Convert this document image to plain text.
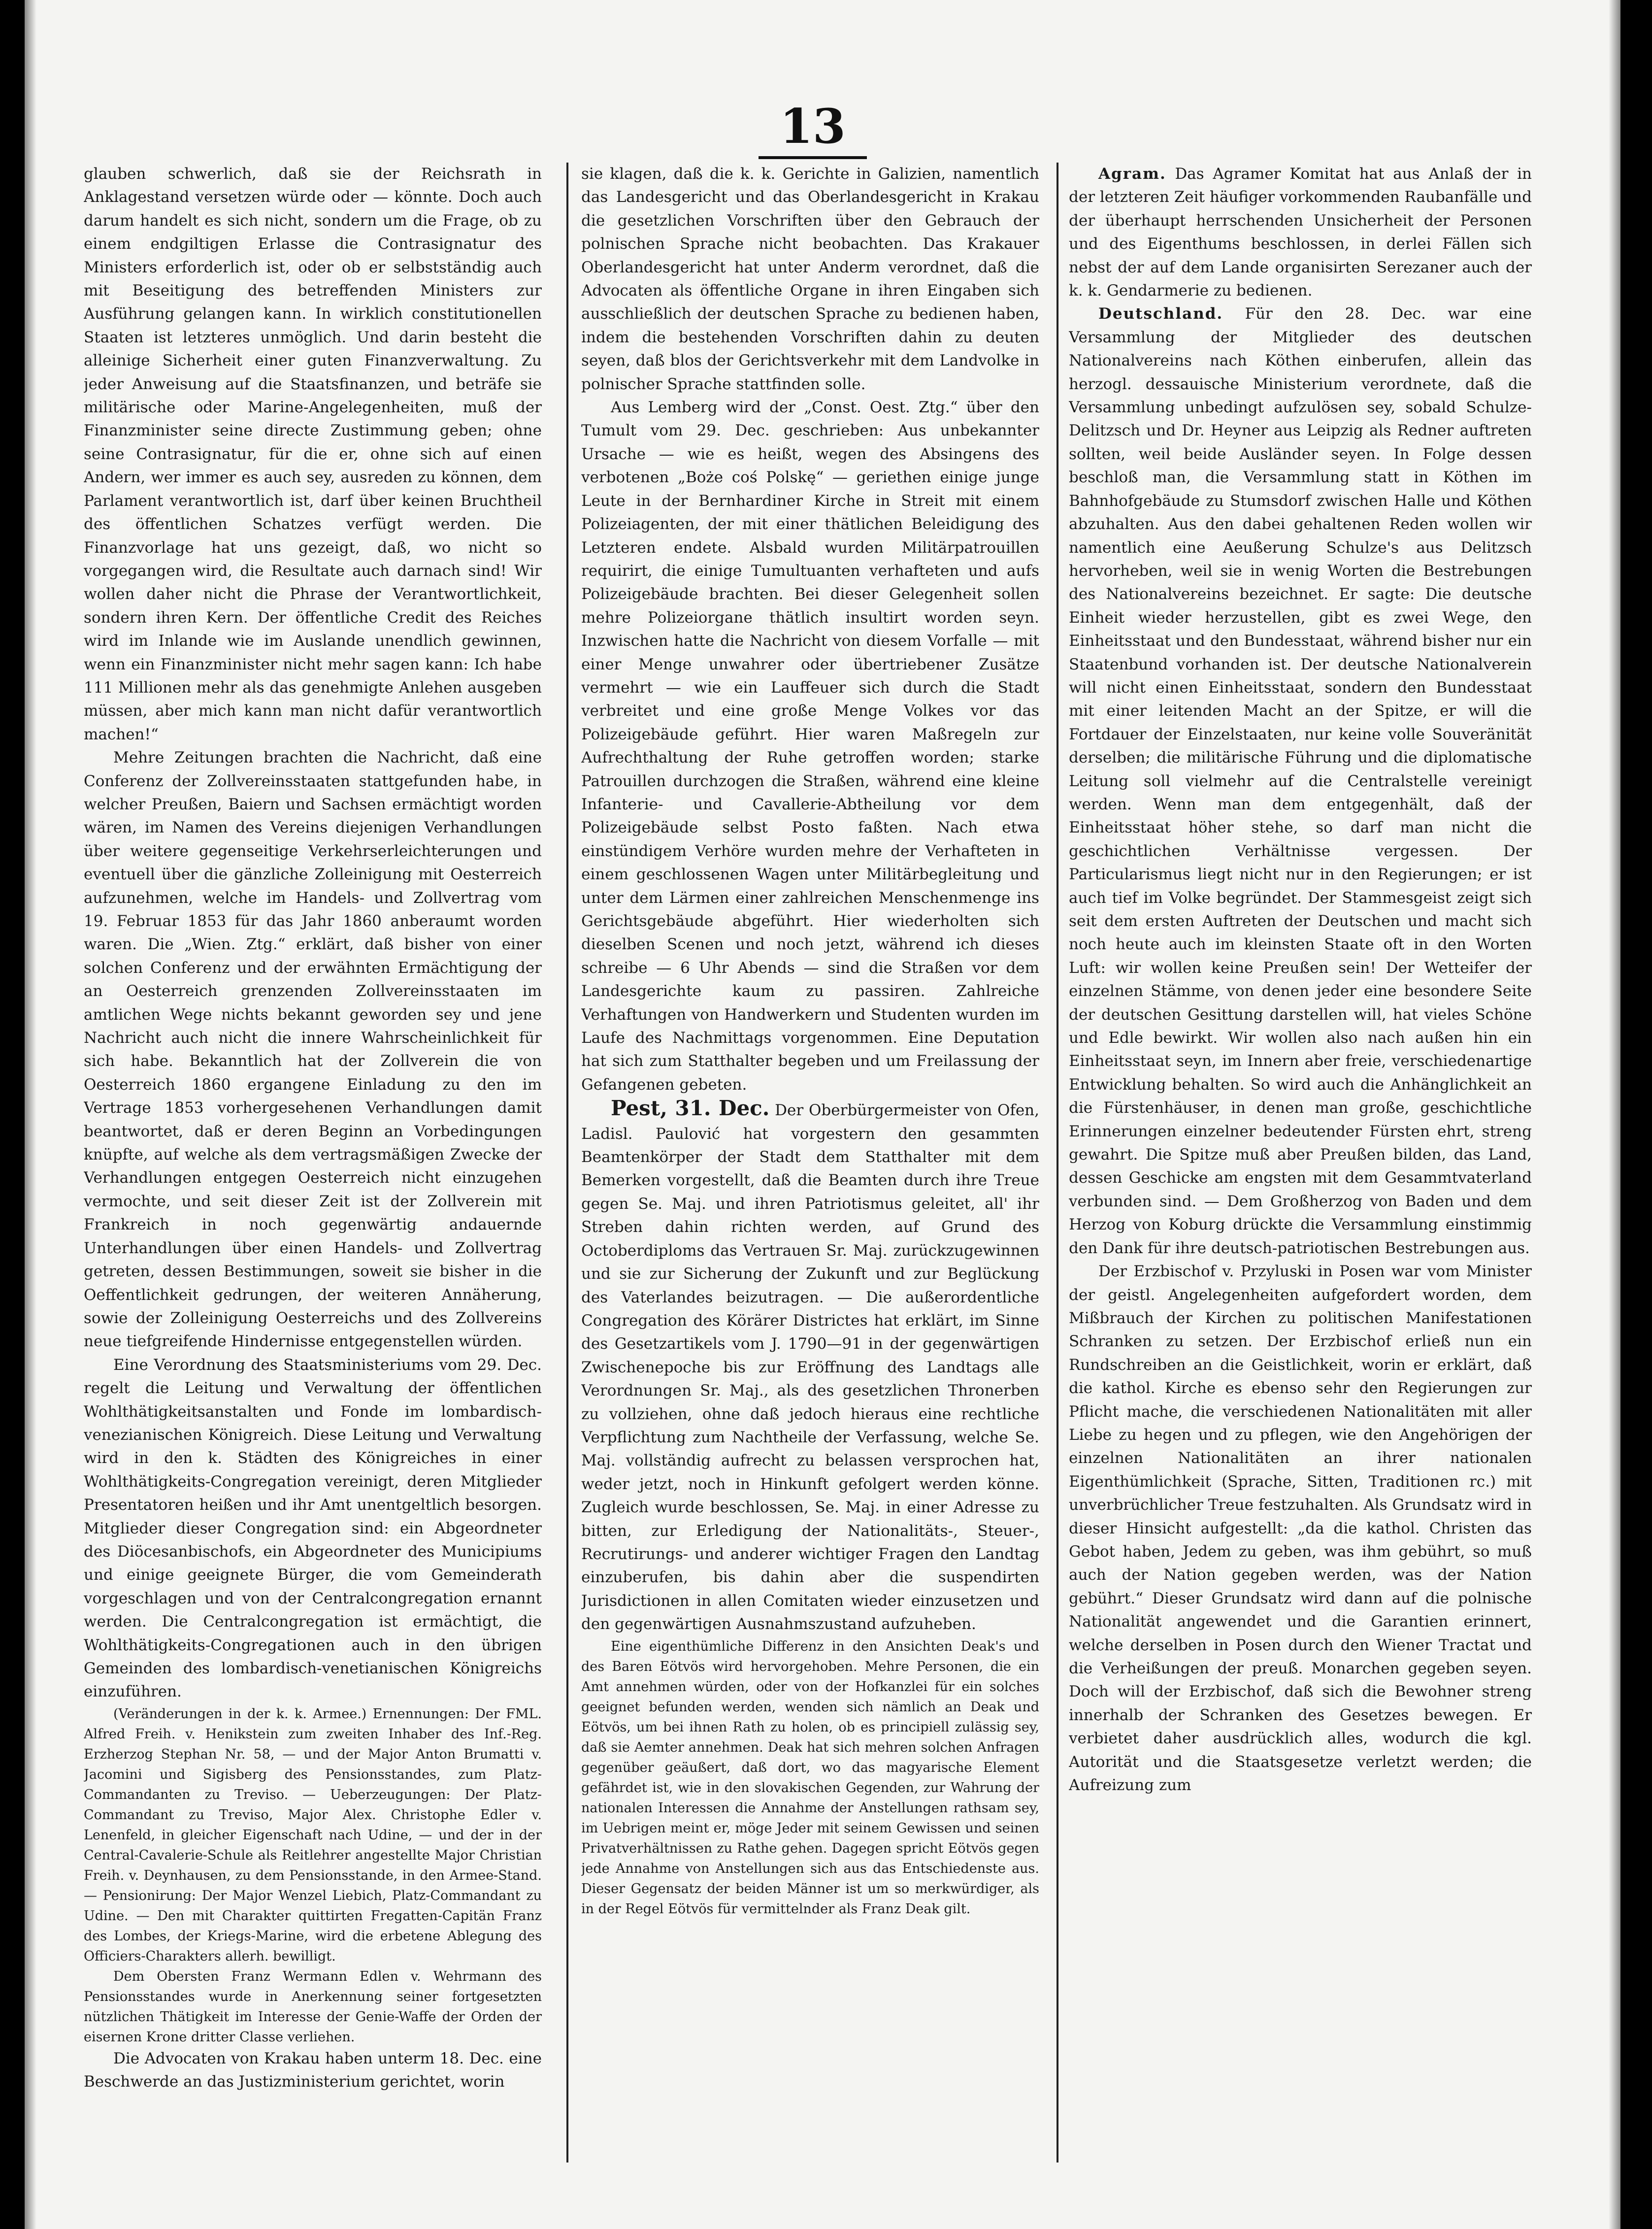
13

glauben schwerlich, daß sie der Reichsrath in Anklagestand versetzen würde oder — könnte. Doch auch darum handelt es sich nicht, sondern um die Frage, ob zu einem endgiltigen Erlasse die Contrasignatur des Ministers erforderlich ist, oder ob er selbstständig auch mit Beseitigung des betreffenden Ministers zur Ausführung gelangen kann. In wirklich constitutionellen Staaten ist letzteres unmöglich. Und darin besteht die alleinige Sicherheit einer guten Finanzverwaltung. Zu jeder Anweisung auf die Staatsfinanzen, und beträfe sie militärische oder Marine-Angelegenheiten, muß der Finanzminister seine directe Zustimmung geben; ohne seine Contrasignatur, für die er, ohne sich auf einen Andern, wer immer es auch sey, ausreden zu können, dem Parlament verantwortlich ist, darf über keinen Bruchtheil des öffentlichen Schatzes verfügt werden. Die Finanzvorlage hat uns gezeigt, daß, wo nicht so vorgegangen wird, die Resultate auch darnach sind! Wir wollen daher nicht die Phrase der Verantwortlichkeit, sondern ihren Kern. Der öffentliche Credit des Reiches wird im Inlande wie im Auslande unendlich gewinnen, wenn ein Finanzminister nicht mehr sagen kann: Ich habe 111 Millionen mehr als das genehmigte Anlehen ausgeben müssen, aber mich kann man nicht dafür verantwortlich machen!“

Mehre Zeitungen brachten die Nachricht, daß eine Conferenz der Zollvereinsstaaten stattgefunden habe, in welcher Preußen, Baiern und Sachsen ermächtigt worden wären, im Namen des Vereins diejenigen Verhandlungen über weitere gegenseitige Verkehrserleichterungen und eventuell über die gänzliche Zolleinigung mit Oesterreich aufzunehmen, welche im Handels- und Zollvertrag vom 19. Februar 1853 für das Jahr 1860 anberaumt worden waren. Die „Wien. Ztg.“ erklärt, daß bisher von einer solchen Conferenz und der erwähnten Ermächtigung der an Oesterreich grenzenden Zollvereinsstaaten im amtlichen Wege nichts bekannt geworden sey und jene Nachricht auch nicht die innere Wahrscheinlichkeit für sich habe. Bekanntlich hat der Zollverein die von Oesterreich 1860 ergangene Einladung zu den im Vertrage 1853 vorhergesehenen Verhandlungen damit beantwortet, daß er deren Beginn an Vorbedingungen knüpfte, auf welche als dem vertragsmäßigen Zwecke der Verhandlungen entgegen Oesterreich nicht einzugehen vermochte, und seit dieser Zeit ist der Zollverein mit Frankreich in noch gegenwärtig andauernde Unterhandlungen über einen Handels- und Zollvertrag getreten, dessen Bestimmungen, soweit sie bisher in die Oeffentlichkeit gedrungen, der weiteren Annäherung, sowie der Zolleinigung Oesterreichs und des Zollvereins neue tiefgreifende Hindernisse entgegenstellen würden.

Eine Verordnung des Staatsministeriums vom 29. Dec. regelt die Leitung und Verwaltung der öffentlichen Wohlthätigkeitsanstalten und Fonde im lombardisch-venezianischen Königreich. Diese Leitung und Verwaltung wird in den k. Städten des Königreiches in einer Wohlthätigkeits-Congregation vereinigt, deren Mitglieder Presentatoren heißen und ihr Amt unentgeltlich besorgen. Mitglieder dieser Congregation sind: ein Abgeordneter des Diöcesanbischofs, ein Abgeordneter des Municipiums und einige geeignete Bürger, die vom Gemeinderath vorgeschlagen und von der Centralcongregation ernannt werden. Die Centralcongregation ist ermächtigt, die Wohlthätigkeits-Congregationen auch in den übrigen Gemeinden des lombardisch-venetianischen Königreichs einzuführen.

(Veränderungen in der k. k. Armee.) Ernennungen: Der FML. Alfred Freih. v. Henikstein zum zweiten Inhaber des Inf.-Reg. Erzherzog Stephan Nr. 58, — und der Major Anton Brumatti v. Jacomini und Sigisberg des Pensionsstandes, zum Platz-Commandanten zu Treviso. — Ueberzeugungen: Der Platz-Commandant zu Treviso, Major Alex. Christophe Edler v. Lenenfeld, in gleicher Eigenschaft nach Udine, — und der in der Central-Cavalerie-Schule als Reitlehrer angestellte Major Christian Freih. v. Deynhausen, zu dem Pensionsstande, in den Armee-Stand. — Pensionirung: Der Major Wenzel Liebich, Platz-Commandant zu Udine. — Den mit Charakter quittirten Fregatten-Capitän Franz des Lombes, der Kriegs-Marine, wird die erbetene Ablegung des Officiers-Charakters allerh. bewilligt.

Dem Obersten Franz Wermann Edlen v. Wehrmann des Pensionsstandes wurde in Anerkennung seiner fortgesetzten nützlichen Thätigkeit im Interesse der Genie-Waffe der Orden der eisernen Krone dritter Classe verliehen.

Die Advocaten von Krakau haben unterm 18. Dec. eine Beschwerde an das Justizministerium gerichtet, worin

sie klagen, daß die k. k. Gerichte in Galizien, namentlich das Landesgericht und das Oberlandesgericht in Krakau die gesetzlichen Vorschriften über den Gebrauch der polnischen Sprache nicht beobachten. Das Krakauer Oberlandesgericht hat unter Anderm verordnet, daß die Advocaten als öffentliche Organe in ihren Eingaben sich ausschließlich der deutschen Sprache zu bedienen haben, indem die bestehenden Vorschriften dahin zu deuten seyen, daß blos der Gerichtsverkehr mit dem Landvolke in polnischer Sprache stattfinden solle.

Aus Lemberg wird der „Const. Oest. Ztg.“ über den Tumult vom 29. Dec. geschrieben: Aus unbekannter Ursache — wie es heißt, wegen des Absingens des verbotenen „Boże coś Polskę“ — geriethen einige junge Leute in der Bernhardiner Kirche in Streit mit einem Polizeiagenten, der mit einer thätlichen Beleidigung des Letzteren endete. Alsbald wurden Militärpatrouillen requirirt, die einige Tumultuanten verhafteten und aufs Polizeigebäude brachten. Bei dieser Gelegenheit sollen mehre Polizeiorgane thätlich insultirt worden seyn. Inzwischen hatte die Nachricht von diesem Vorfalle — mit einer Menge unwahrer oder übertriebener Zusätze vermehrt — wie ein Lauffeuer sich durch die Stadt verbreitet und eine große Menge Volkes vor das Polizeigebäude geführt. Hier waren Maßregeln zur Aufrechthaltung der Ruhe getroffen worden; starke Patrouillen durchzogen die Straßen, während eine kleine Infanterie- und Cavallerie-Abtheilung vor dem Polizeigebäude selbst Posto faßten. Nach etwa einstündigem Verhöre wurden mehre der Verhafteten in einem geschlossenen Wagen unter Militärbegleitung und unter dem Lärmen einer zahlreichen Menschenmenge ins Gerichtsgebäude abgeführt. Hier wiederholten sich dieselben Scenen und noch jetzt, während ich dieses schreibe — 6 Uhr Abends — sind die Straßen vor dem Landesgerichte kaum zu passiren. Zahlreiche Verhaftungen von Handwerkern und Studenten wurden im Laufe des Nachmittags vorgenommen. Eine Deputation hat sich zum Statthalter begeben und um Freilassung der Gefangenen gebeten.

Pest, 31. Dec. Der Oberbürgermeister von Ofen, Ladisl. Paulović hat vorgestern den gesammten Beamtenkörper der Stadt dem Statthalter mit dem Bemerken vorgestellt, daß die Beamten durch ihre Treue gegen Se. Maj. und ihren Patriotismus geleitet, all' ihr Streben dahin richten werden, auf Grund des Octoberdiploms das Vertrauen Sr. Maj. zurückzugewinnen und sie zur Sicherung der Zukunft und zur Beglückung des Vaterlandes beizutragen. — Die außerordentliche Congregation des Körärer Districtes hat erklärt, im Sinne des Gesetzartikels vom J. 1790—91 in der gegenwärtigen Zwischenepoche bis zur Eröffnung des Landtags alle Verordnungen Sr. Maj., als des gesetzlichen Thronerben zu vollziehen, ohne daß jedoch hieraus eine rechtliche Verpflichtung zum Nachtheile der Verfassung, welche Se. Maj. vollständig aufrecht zu belassen versprochen hat, weder jetzt, noch in Hinkunft gefolgert werden könne. Zugleich wurde beschlossen, Se. Maj. in einer Adresse zu bitten, zur Erledigung der Nationalitäts-, Steuer-, Recrutirungs- und anderer wichtiger Fragen den Landtag einzuberufen, bis dahin aber die suspendirten Jurisdictionen in allen Comitaten wieder einzusetzen und den gegenwärtigen Ausnahmszustand aufzuheben.

Eine eigenthümliche Differenz in den Ansichten Deak's und des Baren Eötvös wird hervorgehoben. Mehre Personen, die ein Amt annehmen würden, oder von der Hofkanzlei für ein solches geeignet befunden werden, wenden sich nämlich an Deak und Eötvös, um bei ihnen Rath zu holen, ob es principiell zulässig sey, daß sie Aemter annehmen. Deak hat sich mehren solchen Anfragen gegenüber geäußert, daß dort, wo das magyarische Element gefährdet ist, wie in den slovakischen Gegenden, zur Wahrung der nationalen Interessen die Annahme der Anstellungen rathsam sey, im Uebrigen meint er, möge Jeder mit seinem Gewissen und seinen Privatverhältnissen zu Rathe gehen. Dagegen spricht Eötvös gegen jede Annahme von Anstellungen sich aus das Entschiedenste aus. Dieser Gegensatz der beiden Männer ist um so merkwürdiger, als in der Regel Eötvös für vermittelnder als Franz Deak gilt.

Agram. Das Agramer Komitat hat aus Anlaß der in der letzteren Zeit häufiger vorkommenden Raubanfälle und der überhaupt herrschenden Unsicherheit der Personen und des Eigenthums beschlossen, in derlei Fällen sich nebst der auf dem Lande organisirten Serezaner auch der k. k. Gendarmerie zu bedienen.

Deutschland. Für den 28. Dec. war eine Versammlung der Mitglieder des deutschen Nationalvereins nach Köthen einberufen, allein das herzogl. dessauische Ministerium verordnete, daß die Versammlung unbedingt aufzulösen sey, sobald Schulze-Delitzsch und Dr. Heyner aus Leipzig als Redner auftreten sollten, weil beide Ausländer seyen. In Folge dessen beschloß man, die Versammlung statt in Köthen im Bahnhofgebäude zu Stumsdorf zwischen Halle und Köthen abzuhalten. Aus den dabei gehaltenen Reden wollen wir namentlich eine Aeußerung Schulze's aus Delitzsch hervorheben, weil sie in wenig Worten die Bestrebungen des Nationalvereins bezeichnet. Er sagte: Die deutsche Einheit wieder herzustellen, gibt es zwei Wege, den Einheitsstaat und den Bundesstaat, während bisher nur ein Staatenbund vorhanden ist. Der deutsche Nationalverein will nicht einen Einheitsstaat, sondern den Bundesstaat mit einer leitenden Macht an der Spitze, er will die Fortdauer der Einzelstaaten, nur keine volle Souveränität derselben; die militärische Führung und die diplomatische Leitung soll vielmehr auf die Centralstelle vereinigt werden. Wenn man dem entgegenhält, daß der Einheitsstaat höher stehe, so darf man nicht die geschichtlichen Verhältnisse vergessen. Der Particularismus liegt nicht nur in den Regierungen; er ist auch tief im Volke begründet. Der Stammesgeist zeigt sich seit dem ersten Auftreten der Deutschen und macht sich noch heute auch im kleinsten Staate oft in den Worten Luft: wir wollen keine Preußen sein! Der Wetteifer der einzelnen Stämme, von denen jeder eine besondere Seite der deutschen Gesittung darstellen will, hat vieles Schöne und Edle bewirkt. Wir wollen also nach außen hin ein Einheitsstaat seyn, im Innern aber freie, verschiedenartige Entwicklung behalten. So wird auch die Anhänglichkeit an die Fürstenhäuser, in denen man große, geschichtliche Erinnerungen einzelner bedeutender Fürsten ehrt, streng gewahrt. Die Spitze muß aber Preußen bilden, das Land, dessen Geschicke am engsten mit dem Gesammtvaterland verbunden sind. — Dem Großherzog von Baden und dem Herzog von Koburg drückte die Versammlung einstimmig den Dank für ihre deutsch-patriotischen Bestrebungen aus.

Der Erzbischof v. Przyluski in Posen war vom Minister der geistl. Angelegenheiten aufgefordert worden, dem Mißbrauch der Kirchen zu politischen Manifestationen Schranken zu setzen. Der Erzbischof erließ nun ein Rundschreiben an die Geistlichkeit, worin er erklärt, daß die kathol. Kirche es ebenso sehr den Regierungen zur Pflicht mache, die verschiedenen Nationalitäten mit aller Liebe zu hegen und zu pflegen, wie den Angehörigen der einzelnen Nationalitäten an ihrer nationalen Eigenthümlichkeit (Sprache, Sitten, Traditionen rc.) mit unverbrüchlicher Treue festzuhalten. Als Grundsatz wird in dieser Hinsicht aufgestellt: „da die kathol. Christen das Gebot haben, Jedem zu geben, was ihm gebührt, so muß auch der Nation gegeben werden, was der Nation gebührt.“ Dieser Grundsatz wird dann auf die polnische Nationalität angewendet und die Garantien erinnert, welche derselben in Posen durch den Wiener Tractat und die Verheißungen der preuß. Monarchen gegeben seyen. Doch will der Erzbischof, daß sich die Bewohner streng innerhalb der Schranken des Gesetzes bewegen. Er verbietet daher ausdrücklich alles, wodurch die kgl. Autorität und die Staatsgesetze verletzt werden; die Aufreizung zum
